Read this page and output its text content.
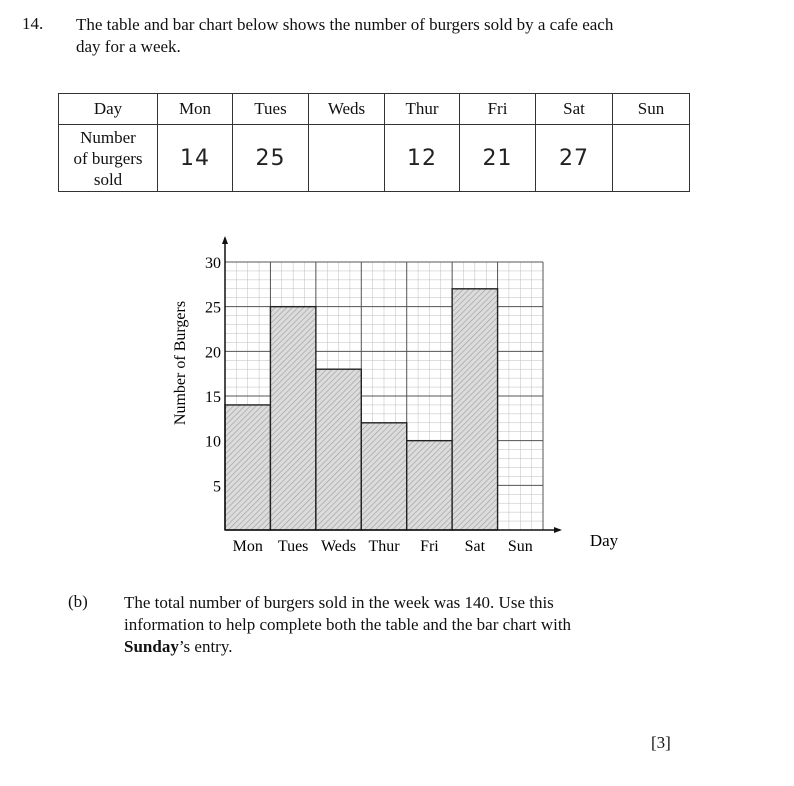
14. The table and bar chart below shows the number of burgers sold by a cafe each
day for a week.
Day	Mon	Tues	Weds	Thur	Fri	Sat	Sun

Number
of burgers
sold	14	25		12	21	27	
5
10
15
20
25
30
Mon Tues Weds Thur Fri Sat Sun
Number of Burgers
Day
(b) The total number of burgers sold in the week was 140. Use this
information to help complete both the table and the bar chart with
Sunday’s entry.
[3]
